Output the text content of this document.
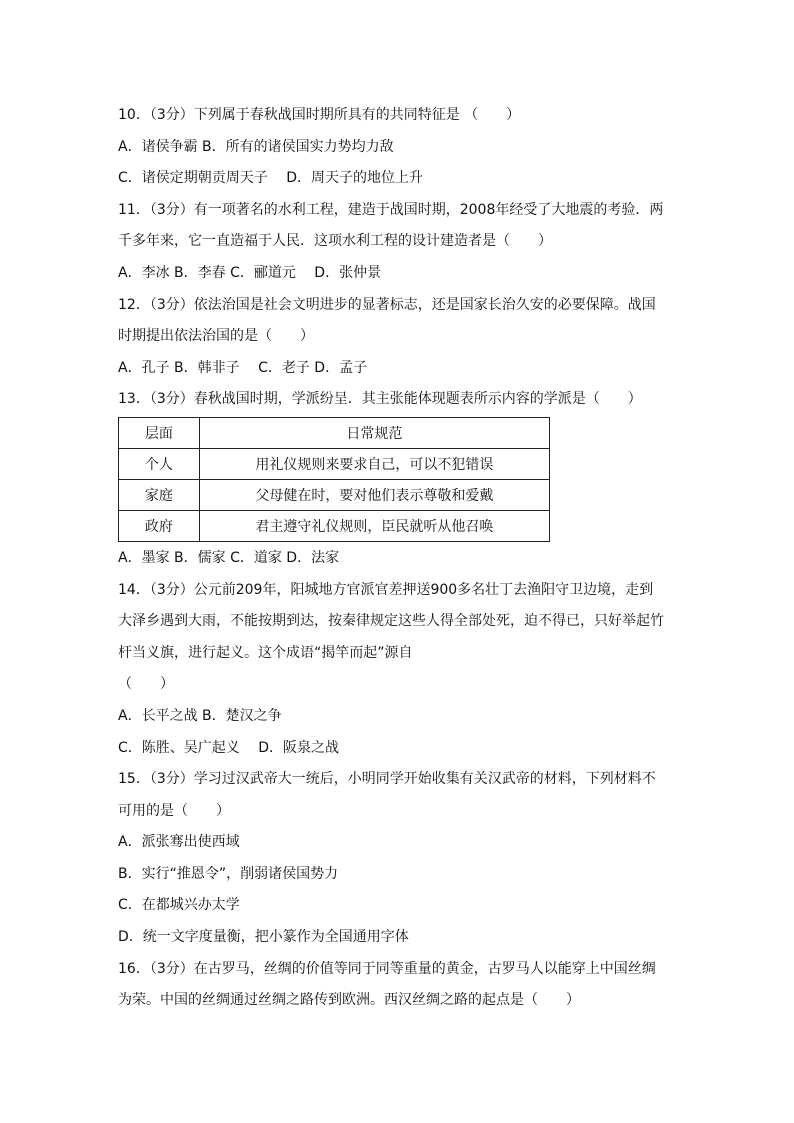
10．（3分）下列属于春秋战国时期所具有的共同特征是 （　　）
A．诸侯争霸 B．所有的诸侯国实力势均力敌
C．诸侯定期朝贡周天子　 D．周天子的地位上升
11．（3分）有一项著名的水利工程，建造于战国时期，2008年经受了大地震的考验．两
千多年来，它一直造福于人民．这项水利工程的设计建造者是（　　）
A．李冰 B．李春 C．郦道元　 D．张仲景
12．（3分）依法治国是社会文明进步的显著标志，还是国家长治久安的必要保障。战国
时期提出依法治国的是（　　）
A．孔子 B．韩非子　 C．老子 D．孟子
13．（3分）春秋战国时期，学派纷呈．其主张能体现题表所示内容的学派是（　　）
层面	日常规范
个人	用礼仪规则来要求自己，可以不犯错误
家庭	父母健在时，要对他们表示尊敬和爱戴
政府	君主遵守礼仪规则，臣民就听从他召唤
A．墨家 B．儒家 C．道家 D．法家
14．（3分）公元前209年，阳城地方官派官差押送900多名壮丁去渔阳守卫边境，走到
大泽乡遇到大雨，不能按期到达，按秦律规定这些人得全部处死，迫不得已，只好举起竹
杆当义旗，进行起义。这个成语“揭竿而起”源自
（　　）
A．长平之战 B．楚汉之争
C．陈胜、吴广起义　 D．阪泉之战
15．（3分）学习过汉武帝大一统后，小明同学开始收集有关汉武帝的材料，下列材料不
可用的是（　　）
A．派张骞出使西域
B．实行“推恩令”，削弱诸侯国势力
C．在都城兴办太学
D．统一文字度量衡，把小篆作为全国通用字体
16．（3分）在古罗马，丝绸的价值等同于同等重量的黄金，古罗马人以能穿上中国丝绸
为荣。中国的丝绸通过丝绸之路传到欧洲。西汉丝绸之路的起点是（　　）
